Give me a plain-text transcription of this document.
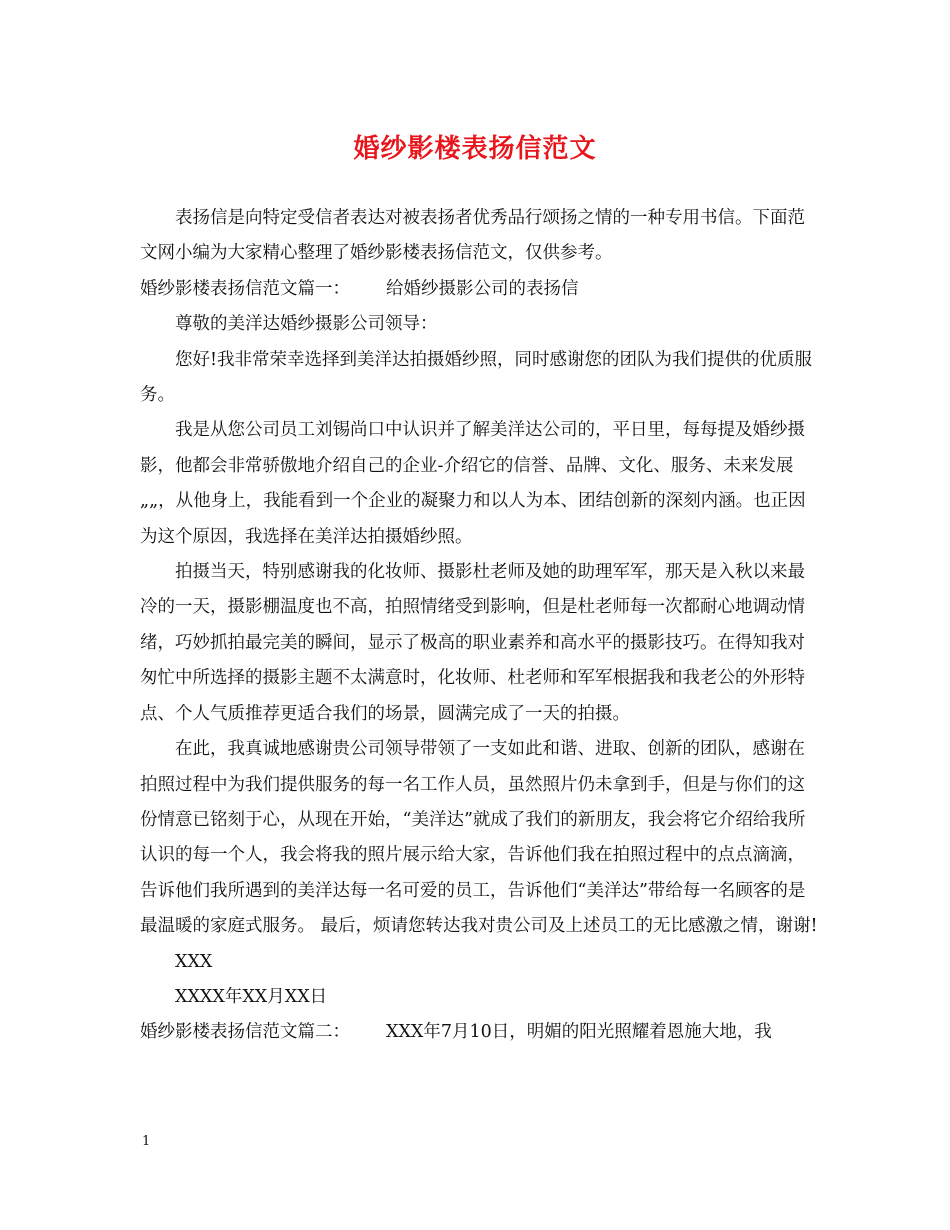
婚纱影楼表扬信范文

表扬信是向特定受信者表达对被表扬者优秀品行颂扬之情的一种专用书信。下面范文网小编为大家精心整理了婚纱影楼表扬信范文，仅供参考。

婚纱影楼表扬信范文篇一： 给婚纱摄影公司的表扬信

尊敬的美洋达婚纱摄影公司领导：

您好!我非常荣幸选择到美洋达拍摄婚纱照，同时感谢您的团队为我们提供的优质服务。

我是从您公司员工刘锡尚口中认识并了解美洋达公司的，平日里，每每提及婚纱摄影，他都会非常骄傲地介绍自己的企业-介绍它的信誉、品牌、文化、服务、未来发展„„，从他身上，我能看到一个企业的凝聚力和以人为本、团结创新的深刻内涵。也正因为这个原因，我选择在美洋达拍摄婚纱照。

拍摄当天，特别感谢我的化妆师、摄影杜老师及她的助理军军，那天是入秋以来最冷的一天，摄影棚温度也不高，拍照情绪受到影响，但是杜老师每一次都耐心地调动情绪，巧妙抓拍最完美的瞬间，显示了极高的职业素养和高水平的摄影技巧。在得知我对匆忙中所选择的摄影主题不太满意时，化妆师、杜老师和军军根据我和我老公的外形特点、个人气质推荐更适合我们的场景，圆满完成了一天的拍摄。

在此，我真诚地感谢贵公司领导带领了一支如此和谐、进取、创新的团队，感谢在拍照过程中为我们提供服务的每一名工作人员，虽然照片仍未拿到手，但是与你们的这份情意已铭刻于心，从现在开始，“美洋达”就成了我们的新朋友，我会将它介绍给我所认识的每一个人，我会将我的照片展示给大家，告诉他们我在拍照过程中的点点滴滴，告诉他们我所遇到的美洋达每一名可爱的员工，告诉他们“美洋达”带给每一名顾客的是最温暖的家庭式服务。 最后，烦请您转达我对贵公司及上述员工的无比感激之情，谢谢!

XXX

XXXX年XX月XX日

婚纱影楼表扬信范文篇二： XXX年7月10日，明媚的阳光照耀着恩施大地，我

1
